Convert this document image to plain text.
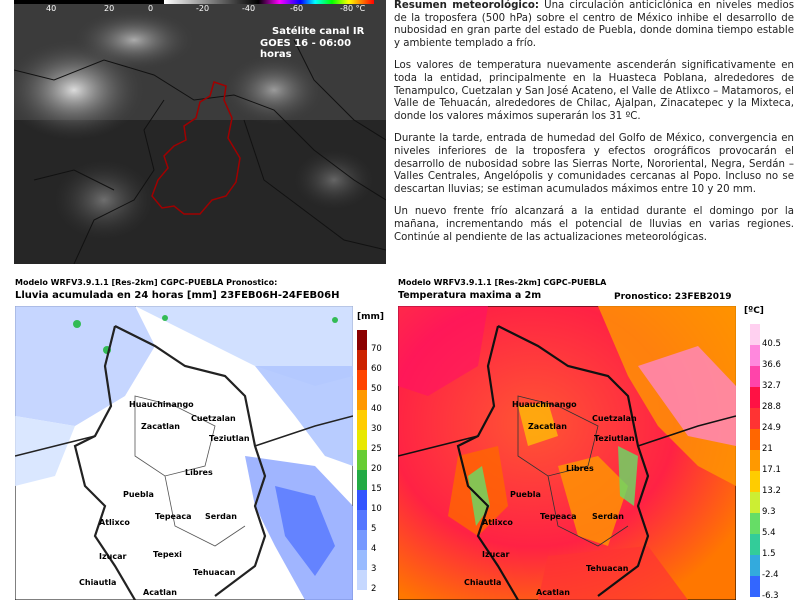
40	20	0	-20	-40	-60	-80 °C
Satélite canal IR
GOES 16 - 06:00 horas

Resumen meteorológico: Una circulación anticiclónica en niveles medios de la troposfera (500 hPa) sobre el centro de México inhibe el desarrollo de nubosidad en gran parte del estado de Puebla, donde domina tiempo estable y ambiente templado a frío.

Los valores de temperatura nuevamente ascenderán significativamente en toda la entidad, principalmente en la Huasteca Poblana, alrededores de Tenampulco, Cuetzalan y San José Acateno, el Valle de Atlixco – Matamoros, el Valle de Tehuacán, alrededores de Chilac, Ajalpan, Zinacatepec y la Mixteca, donde los valores máximos superarán los 31 ºC.

Durante la tarde, entrada de humedad del Golfo de México, convergencia en niveles inferiores de la troposfera y efectos orográficos provocarán el desarrollo de nubosidad sobre las Sierras Norte, Nororiental, Negra, Serdán – Valles Centrales, Angelópolis y comunidades cercanas al Popo. Incluso no se descartan lluvias; se estiman acumulados máximos entre 10 y 20 mm.

Un nuevo frente frío alcanzará a la entidad durante el domingo por la mañana, incrementando más el potencial de lluvias en varias regiones. Continúe al pendiente de las actualizaciones meteorológicas.

Modelo WRFV3.9.1.1 [Res-2km] CGPC-PUEBLA Pronostico:
Lluvia acumulada en 24 horas [mm] 23FEB06H-24FEB06H
Huauchinango
Zacatlan
Cuetzalan
Teziutlan
Libres
Puebla
Atlixco
Tepeaca Serdan
Izucar	Tepexi
Tehuacan
Chiautla
Acatlan
[mm]
70
60
50
40
30
25
20
15
10
5
4
3
2
Modelo WRFV3.9.1.1 [Res-2km] CGPC-PUEBLA
Temperatura maxima a 2m	Pronostico: 23FEB2019
Huauchinango
Zacatlan
Cuetzalan
Teziutlan
Libres
Puebla
Atlixco
Tepeaca Serdan
Izucar
Tehuacan
Chiautla
Acatlan
[ºC]
40.5
36.6
32.7
28.8
24.9
21
17.1
13.2
9.3
5.4
1.5
-2.4
-6.3
